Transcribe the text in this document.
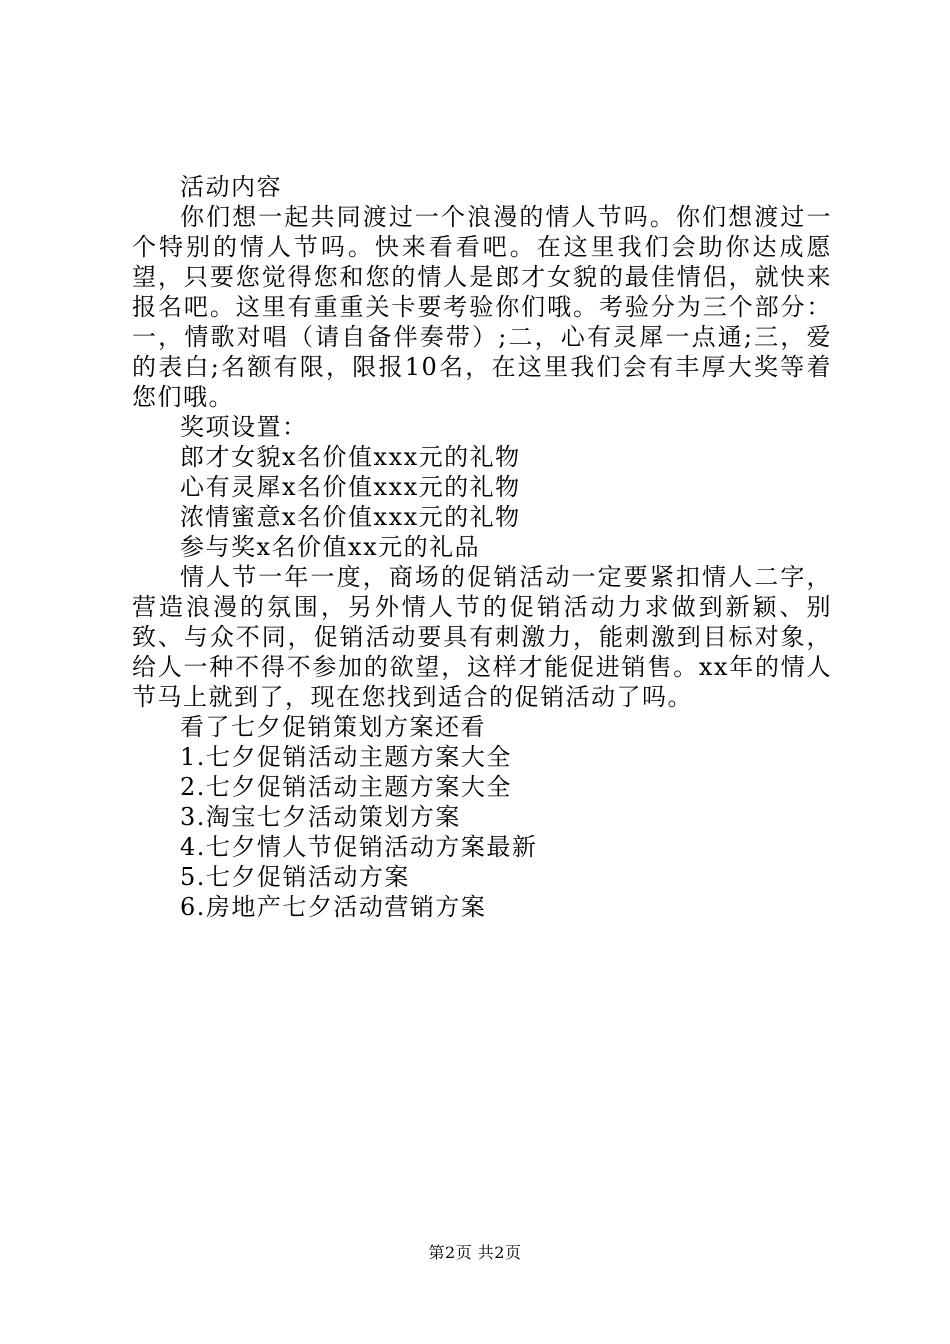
活动内容

你们想一起共同渡过一个浪漫的情人节吗。你们想渡过一个特别的情人节吗。快来看看吧。在这里我们会助你达成愿望，只要您觉得您和您的情人是郎才女貌的最佳情侣，就快来报名吧。这里有重重关卡要考验你们哦。考验分为三个部分：一，情歌对唱（请自备伴奏带）;二，心有灵犀一点通;三，爱的表白;名额有限，限报10名，在这里我们会有丰厚大奖等着您们哦。

奖项设置：

郎才女貌x名价值xxx元的礼物

心有灵犀x名价值xxx元的礼物

浓情蜜意x名价值xxx元的礼物

参与奖x名价值xx元的礼品

情人节一年一度，商场的促销活动一定要紧扣情人二字，营造浪漫的氛围，另外情人节的促销活动力求做到新颖、别致、与众不同，促销活动要具有刺激力，能刺激到目标对象，给人一种不得不参加的欲望，这样才能促进销售。xx年的情人节马上就到了，现在您找到适合的促销活动了吗。

看了七夕促销策划方案还看

1.七夕促销活动主题方案大全

2.七夕促销活动主题方案大全

3.淘宝七夕活动策划方案

4.七夕情人节促销活动方案最新

5.七夕促销活动方案

6.房地产七夕活动营销方案

第2页 共2页
